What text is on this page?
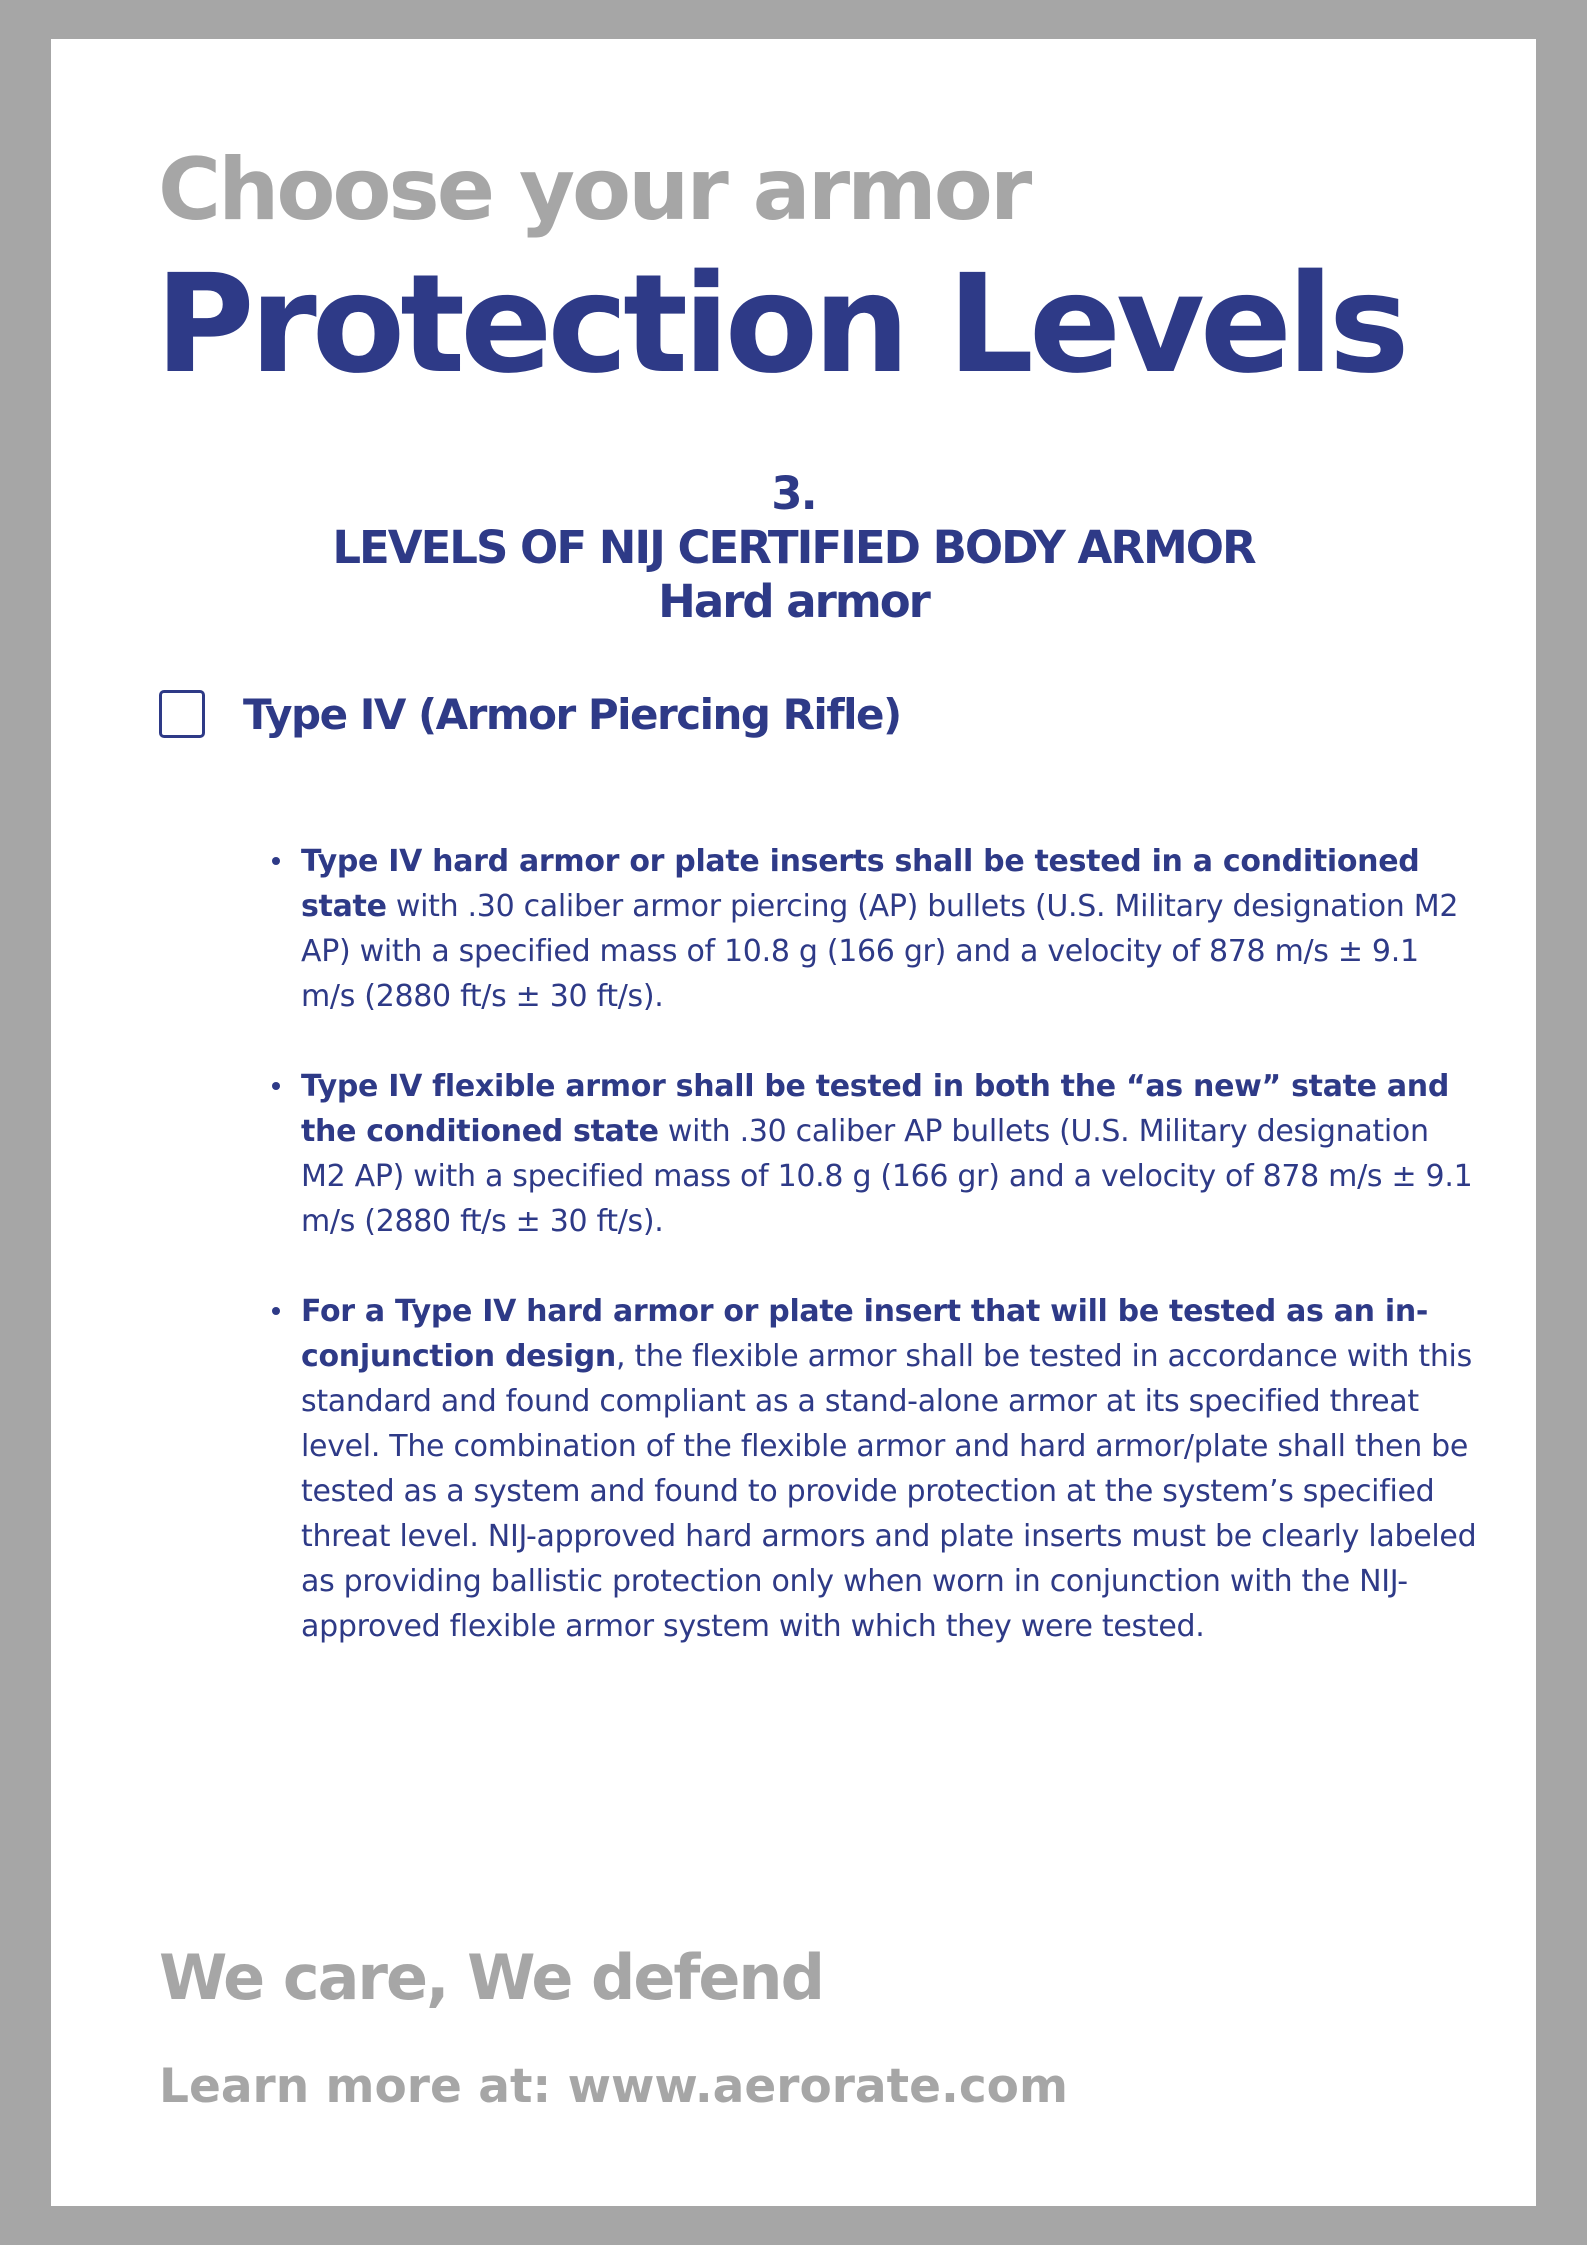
Choose your armor
Protection Levels
3.
LEVELS OF NIJ CERTIFIED BODY ARMOR
Hard armor
Type IV (Armor Piercing Rifle)
Type IV hard armor or plate inserts shall be tested in a conditioned state with .30 caliber armor piercing (AP) bullets (U.S. Military designation M2 AP) with a specified mass of 10.8 g (166 gr) and a velocity of 878 m/s ± 9.1 m/s (2880 ft/s ± 30 ft/s).
Type IV flexible armor shall be tested in both the “as new” state and the conditioned state with .30 caliber AP bullets (U.S. Military designation M2 AP) with a specified mass of 10.8 g (166 gr) and a velocity of 878 m/s ± 9.1 m/s (2880 ft/s ± 30 ft/s).
For a Type IV hard armor or plate insert that will be tested as an in-conjunction design, the flexible armor shall be tested in accordance with this standard and found compliant as a stand-alone armor at its specified threat level. The combination of the flexible armor and hard armor/plate shall then be tested as a system and found to provide protection at the system’s specified threat level. NIJ-approved hard armors and plate inserts must be clearly labeled as providing ballistic protection only when worn in conjunction with the NIJ-approved flexible armor system with which they were tested.
We care, We defend
Learn more at: www.aerorate.com
